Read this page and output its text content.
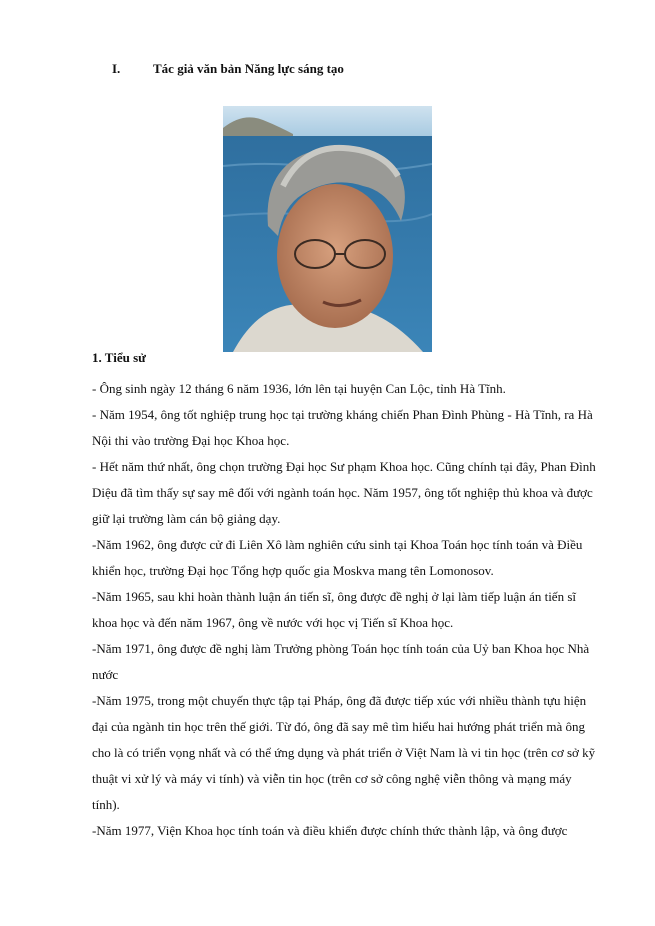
I.	Tác giả văn bản Năng lực sáng tạo
1. Tiểu sử

- Ông sinh ngày 12 tháng 6 năm 1936, lớn lên tại huyện Can Lộc, tỉnh Hà Tĩnh.

- Năm 1954, ông tốt nghiệp trung học tại trường kháng chiến Phan Đình Phùng - Hà Tĩnh, ra Hà Nội thi vào trường Đại học Khoa học.

- Hết năm thứ nhất, ông chọn trường Đại học Sư phạm Khoa học. Cũng chính tại đây, Phan Đình Diệu đã tìm thấy sự say mê đối với ngành toán học. Năm 1957, ông tốt nghiệp thủ khoa và được giữ lại trường làm cán bộ giảng dạy.

-Năm 1962, ông được cử đi Liên Xô làm nghiên cứu sinh tại Khoa Toán học tính toán và Điều khiển học, trường Đại học Tổng hợp quốc gia Moskva mang tên Lomonosov.

-Năm 1965, sau khi hoàn thành luận án tiến sĩ, ông được đề nghị ở lại làm tiếp luận án tiến sĩ khoa học và đến năm 1967, ông về nước với học vị Tiến sĩ Khoa học.

-Năm 1971, ông được đề nghị làm Trưởng phòng Toán học tính toán của Uỷ ban Khoa học Nhà nước

-Năm 1975, trong một chuyến thực tập tại Pháp, ông đã được tiếp xúc với nhiều thành tựu hiện đại của ngành tin học trên thế giới. Từ đó, ông đã say mê tìm hiểu hai hướng phát triển mà ông cho là có triển vọng nhất và có thể ứng dụng và phát triển ở Việt Nam là vi tin học (trên cơ sở kỹ thuật vi xử lý và máy vi tính) và viễn tin học (trên cơ sở công nghệ viễn thông và mạng máy tính).

-Năm 1977, Viện Khoa học tính toán và điều khiển được chính thức thành lập, và ông được
